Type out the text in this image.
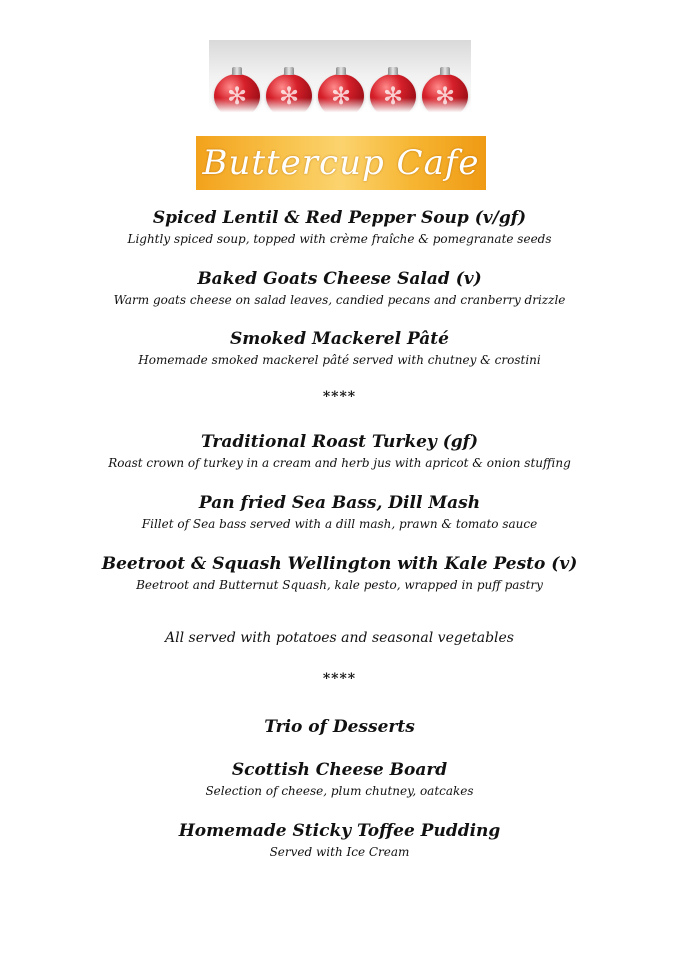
✻
✻
✻
✻
✻
Buttercup Cafe
Spiced Lentil & Red Pepper Soup (v/gf)
Lightly spiced soup, topped with crème fraîche & pomegranate seeds
Baked Goats Cheese Salad (v)
Warm goats cheese on salad leaves, candied pecans and cranberry drizzle
Smoked Mackerel Pâté
Homemade smoked mackerel pâté served with chutney & crostini
****
Traditional Roast Turkey (gf)
Roast crown of turkey in a cream and herb jus with apricot & onion stuffing
Pan fried Sea Bass, Dill Mash
Fillet of Sea bass served with a dill mash, prawn & tomato sauce
Beetroot & Squash Wellington with Kale Pesto (v)
Beetroot and Butternut Squash, kale pesto, wrapped in puff pastry
All served with potatoes and seasonal vegetables
****
Trio of Desserts
Scottish Cheese Board
Selection of cheese, plum chutney, oatcakes
Homemade Sticky Toffee Pudding
Served with Ice Cream
